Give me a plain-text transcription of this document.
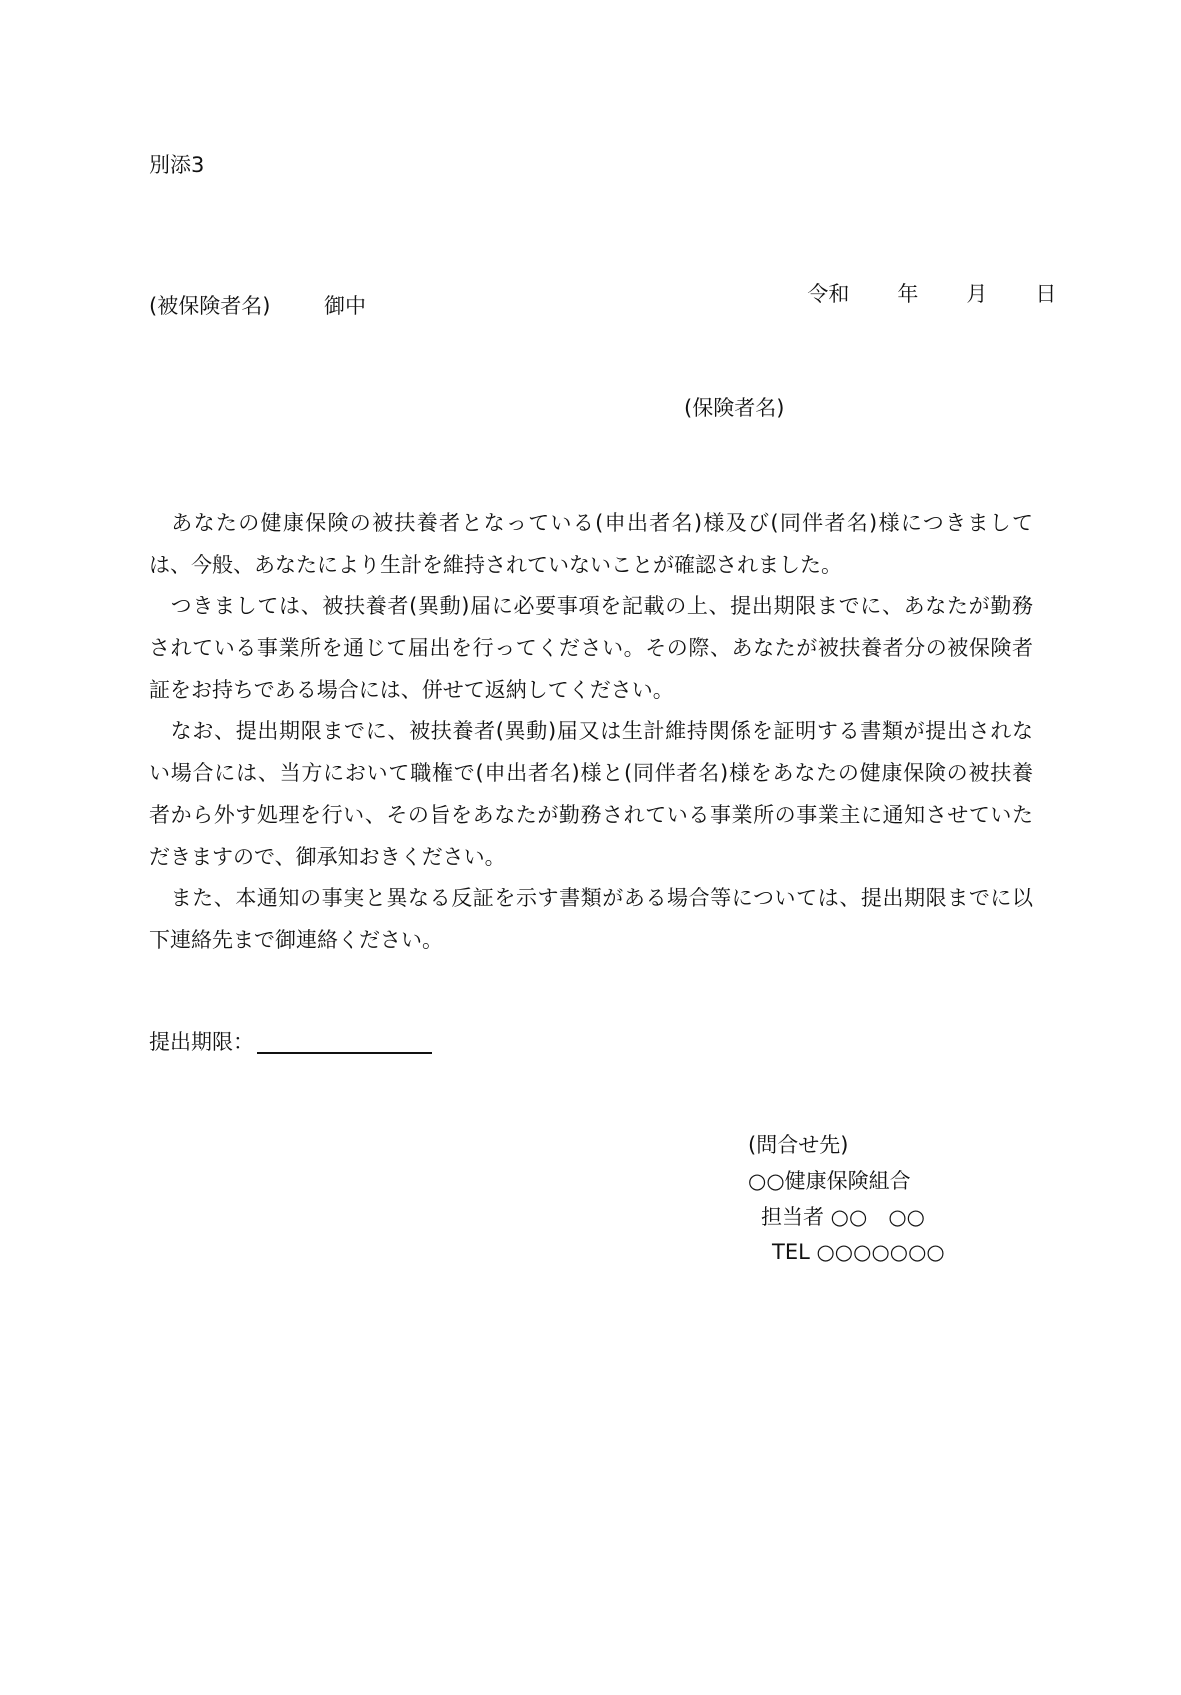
別添3

令和 年 月 日

(被保険者名)	御中
(保険者名)
　あなたの健康保険の被扶養者となっている(申出者名)様及び(同伴者名)様につきまして
は、今般、あなたにより生計を維持されていないことが確認されました。
　つきましては、被扶養者(異動)届に必要事項を記載の上、提出期限までに、あなたが勤務
されている事業所を通じて届出を行ってください。その際、あなたが被扶養者分の被保険者
証をお持ちである場合には、併せて返納してください。
　なお、提出期限までに、被扶養者(異動)届又は生計維持関係を証明する書類が提出されな
い場合には、当方において職権で(申出者名)様と(同伴者名)様をあなたの健康保険の被扶養
者から外す処理を行い、その旨をあなたが勤務されている事業所の事業主に通知させていた
だきますので、御承知おきください。
　また、本通知の事実と異なる反証を示す書類がある場合等については、提出期限までに以
下連絡先まで御連絡ください。
提出期限：
(問合せ先)
○○健康保険組合
担当者 ○○　○○
TEL ○○○○○○○
